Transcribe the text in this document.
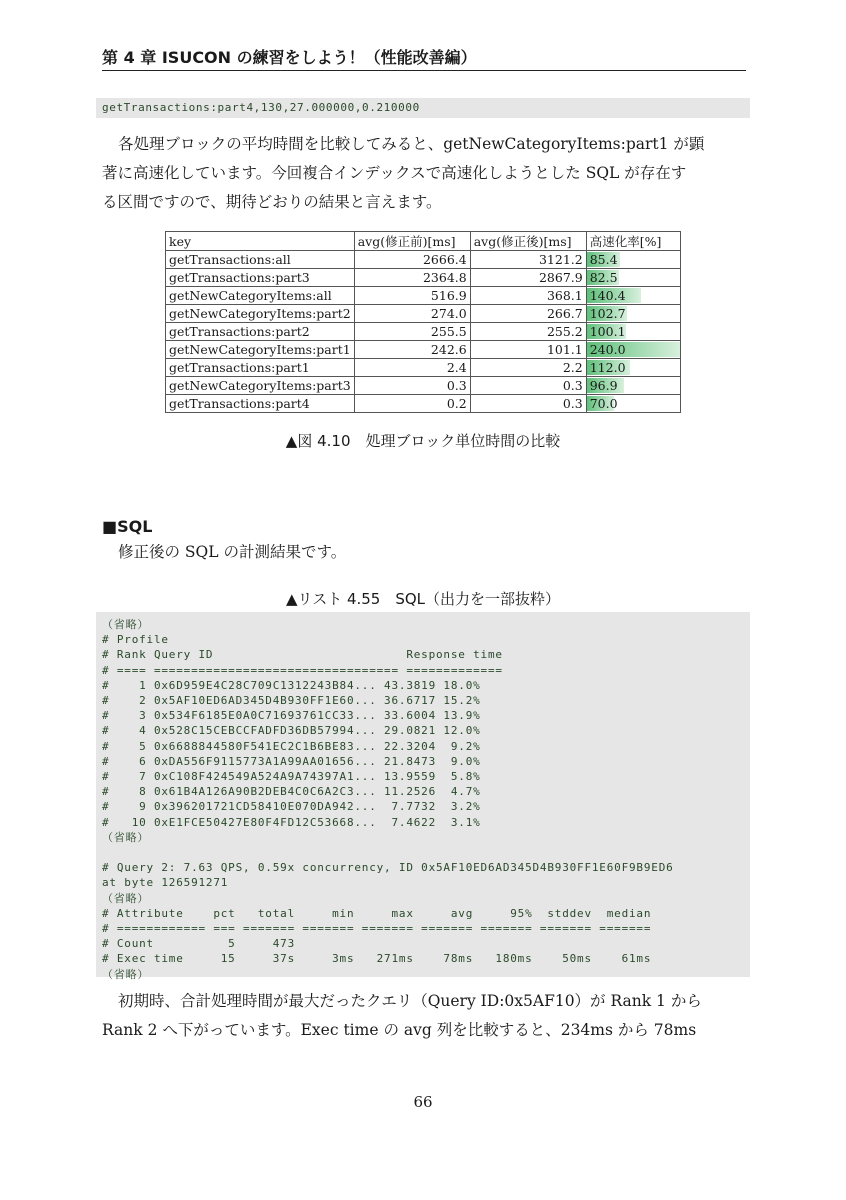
第 4 章 ISUCON の練習をしよう！（性能改善編）
getTransactions:part4,130,27.000000,0.210000

各処理ブロックの平均時間を比較してみると、getNewCategoryItems:part1 が顕
著に高速化しています。今回複合インデックスで高速化しようとした SQL が存在す
る区間ですので、期待どおりの結果と言えます。

key	avg(修正前)[ms]	avg(修正後)[ms]	高速化率[%]
getTransactions:all	2666.4	3121.2	85.4
getTransactions:part3	2364.8	2867.9	82.5
getNewCategoryItems:all	516.9	368.1	140.4
getNewCategoryItems:part2	274.0	266.7	102.7
getTransactions:part2	255.5	255.2	100.1
getNewCategoryItems:part1	242.6	101.1	240.0
getTransactions:part1	2.4	2.2	112.0
getNewCategoryItems:part3	0.3	0.3	96.9
getTransactions:part4	0.2	0.3	70.0
▲図 4.10　処理ブロック単位時間の比較
■SQL

修正後の SQL の計測結果です。

▲リスト 4.55　SQL（出力を一部抜粋）
（省略）
# Profile
# Rank Query ID                          Response time
# ==== ================================= =============
#    1 0x6D959E4C28C709C1312243B84... 43.3819 18.0%
#    2 0x5AF10ED6AD345D4B930FF1E60... 36.6717 15.2%
#    3 0x534F6185E0A0C71693761CC33... 33.6004 13.9%
#    4 0x528C15CEBCCFADFD36DB57994... 29.0821 12.0%
#    5 0x6688844580F541EC2C1B6BE83... 22.3204  9.2%
#    6 0xDA556F9115773A1A99AA01656... 21.8473  9.0%
#    7 0xC108F424549A524A9A74397A1... 13.9559  5.8%
#    8 0x61B4A126A90B2DEB4C0C6A2C3... 11.2526  4.7%
#    9 0x396201721CD58410E070DA942...  7.7732  3.2%
#   10 0xE1FCE50427E80F4FD12C53668...  7.4622  3.1%
（省略）
# Query 2: 7.63 QPS, 0.59x concurrency, ID 0x5AF10ED6AD345D4B930FF1E60F9B9ED6
at byte 126591271
（省略）
# Attribute    pct   total     min     max     avg     95%  stddev  median
# ============ === ======= ======= ======= ======= ======= ======= =======
# Count          5     473
# Exec time     15     37s     3ms   271ms    78ms   180ms    50ms    61ms
（省略）

初期時、合計処理時間が最大だったクエリ（Query ID:0x5AF10）が Rank 1 から
Rank 2 へ下がっています。Exec time の avg 列を比較すると、234ms から 78ms

66
